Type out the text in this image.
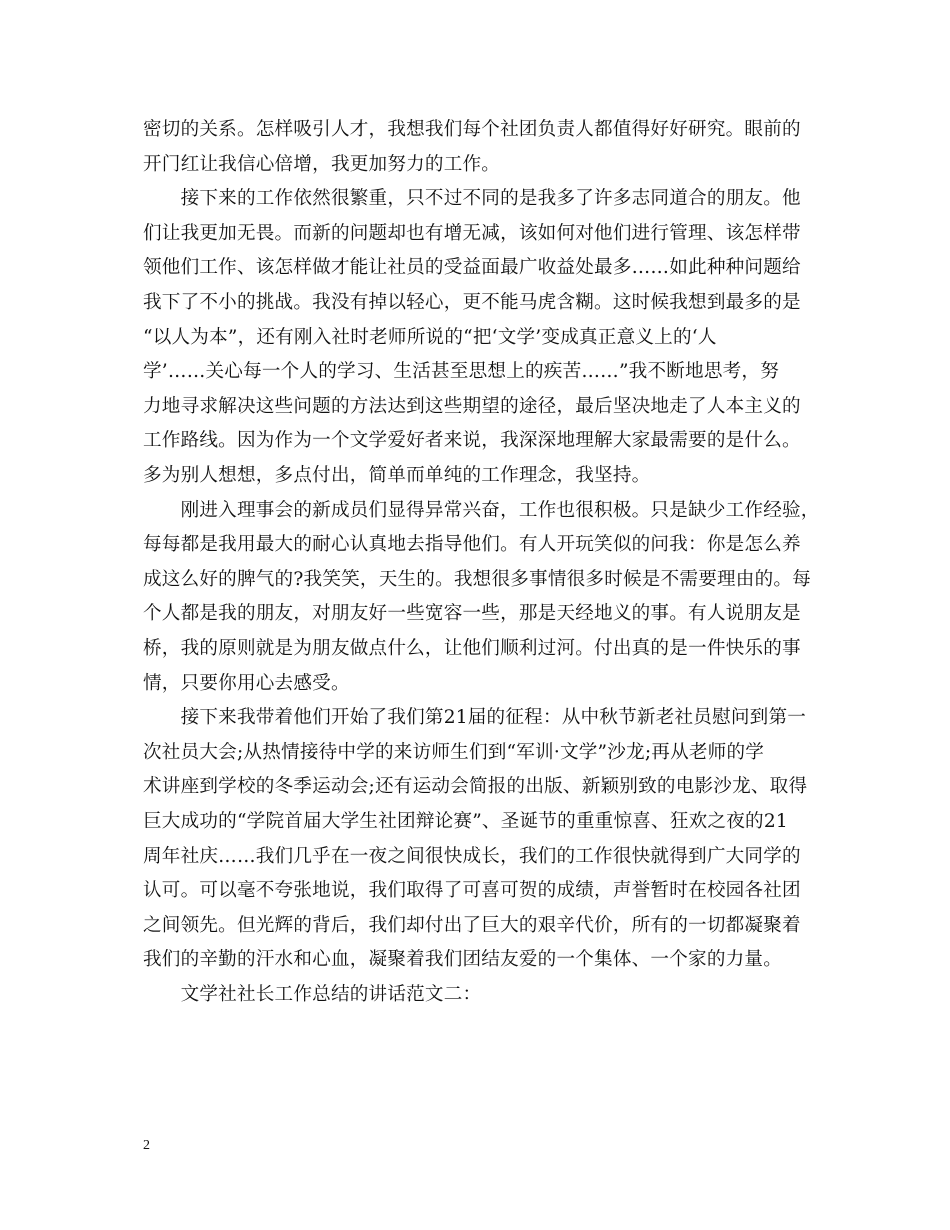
密切的关系。怎样吸引人才，我想我们每个社团负责人都值得好好研究。眼前的
开门红让我信心倍增，我更加努力的工作。
　　接下来的工作依然很繁重，只不过不同的是我多了许多志同道合的朋友。他
们让我更加无畏。而新的问题却也有增无减，该如何对他们进行管理、该怎样带
领他们工作、该怎样做才能让社员的受益面最广收益处最多……如此种种问题给
我下了不小的挑战。我没有掉以轻心，更不能马虎含糊。这时候我想到最多的是
“以人为本”，还有刚入社时老师所说的“把‘文学’变成真正意义上的‘人
学’……关心每一个人的学习、生活甚至思想上的疾苦……”我不断地思考，努
力地寻求解决这些问题的方法达到这些期望的途径，最后坚决地走了人本主义的
工作路线。因为作为一个文学爱好者来说，我深深地理解大家最需要的是什么。
多为别人想想，多点付出，简单而单纯的工作理念，我坚持。
　　刚进入理事会的新成员们显得异常兴奋，工作也很积极。只是缺少工作经验，
每每都是我用最大的耐心认真地去指导他们。有人开玩笑似的问我：你是怎么养
成这么好的脾气的?我笑笑，天生的。我想很多事情很多时候是不需要理由的。每
个人都是我的朋友，对朋友好一些宽容一些，那是天经地义的事。有人说朋友是
桥，我的原则就是为朋友做点什么，让他们顺利过河。付出真的是一件快乐的事
情，只要你用心去感受。
　　接下来我带着他们开始了我们第21届的征程：从中秋节新老社员慰问到第一
次社员大会;从热情接待中学的来访师生们到“军训·文学”沙龙;再从老师的学
术讲座到学校的冬季运动会;还有运动会简报的出版、新颖别致的电影沙龙、取得
巨大成功的“学院首届大学生社团辩论赛”、圣诞节的重重惊喜、狂欢之夜的21
周年社庆……我们几乎在一夜之间很快成长，我们的工作很快就得到广大同学的
认可。可以毫不夸张地说，我们取得了可喜可贺的成绩，声誉暂时在校园各社团
之间领先。但光辉的背后，我们却付出了巨大的艰辛代价，所有的一切都凝聚着
我们的辛勤的汗水和心血，凝聚着我们团结友爱的一个集体、一个家的力量。
　　文学社社长工作总结的讲话范文二：
2
